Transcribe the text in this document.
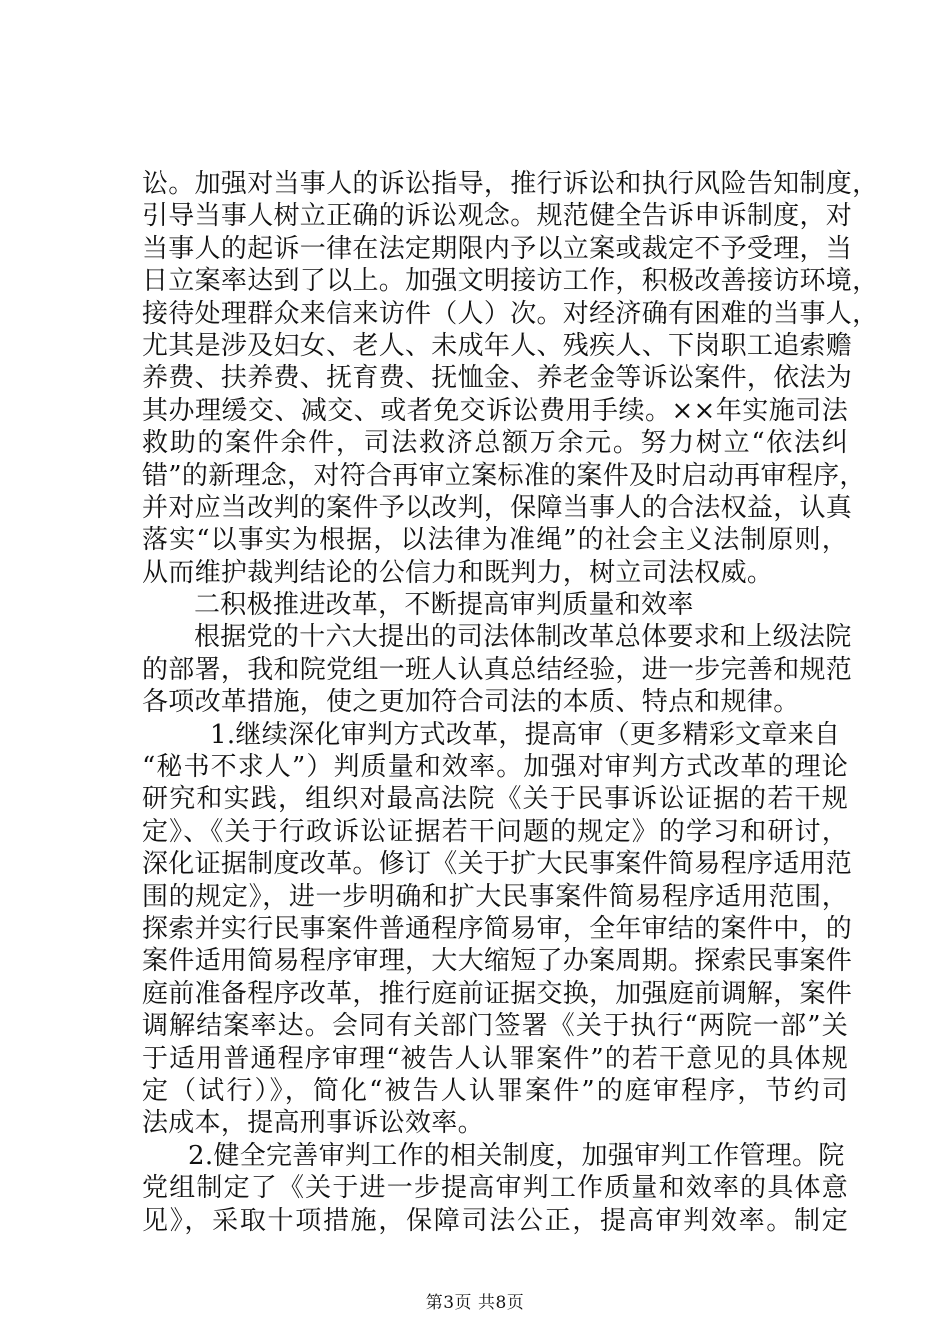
讼。加强对当事人的诉讼指导，推行诉讼和执行风险告知制度，
引导当事人树立正确的诉讼观念。规范健全告诉申诉制度，对
当事人的起诉一律在法定期限内予以立案或裁定不予受理，当
日立案率达到了以上。加强文明接访工作，积极改善接访环境，
接待处理群众来信来访件（人）次。对经济确有困难的当事人，
尤其是涉及妇女、老人、未成年人、残疾人、下岗职工追索赡
养费、扶养费、抚育费、抚恤金、养老金等诉讼案件，依法为
其办理缓交、减交、或者免交诉讼费用手续。××年实施司法
救助的案件余件，司法救济总额万余元。努力树立“依法纠
错”的新理念，对符合再审立案标准的案件及时启动再审程序，
并对应当改判的案件予以改判，保障当事人的合法权益，认真
落实“以事实为根据，以法律为准绳”的社会主义法制原则，
从而维护裁判结论的公信力和既判力，树立司法权威。
二积极推进改革，不断提高审判质量和效率
根据党的十六大提出的司法体制改革总体要求和上级法院
的部署，我和院党组一班人认真总结经验，进一步完善和规范
各项改革措施，使之更加符合司法的本质、特点和规律。
1.继续深化审判方式改革，提高审（更多精彩文章来自
“秘书不求人”）判质量和效率。加强对审判方式改革的理论
研究和实践，组织对最高法院《关于民事诉讼证据的若干规
定》、《关于行政诉讼证据若干问题的规定》的学习和研讨，
深化证据制度改革。修订《关于扩大民事案件简易程序适用范
围的规定》，进一步明确和扩大民事案件简易程序适用范围，
探索并实行民事案件普通程序简易审，全年审结的案件中，的
案件适用简易程序审理，大大缩短了办案周期。探索民事案件
庭前准备程序改革，推行庭前证据交换，加强庭前调解，案件
调解结案率达。会同有关部门签署《关于执行“两院一部”关
于适用普通程序审理“被告人认罪案件”的若干意见的具体规
定（试行）》，简化“被告人认罪案件”的庭审程序，节约司
法成本，提高刑事诉讼效率。
2.健全完善审判工作的相关制度，加强审判工作管理。院
党组制定了《关于进一步提高审判工作质量和效率的具体意
见》，采取十项措施，保障司法公正，提高审判效率。制定
第3页 共8页
